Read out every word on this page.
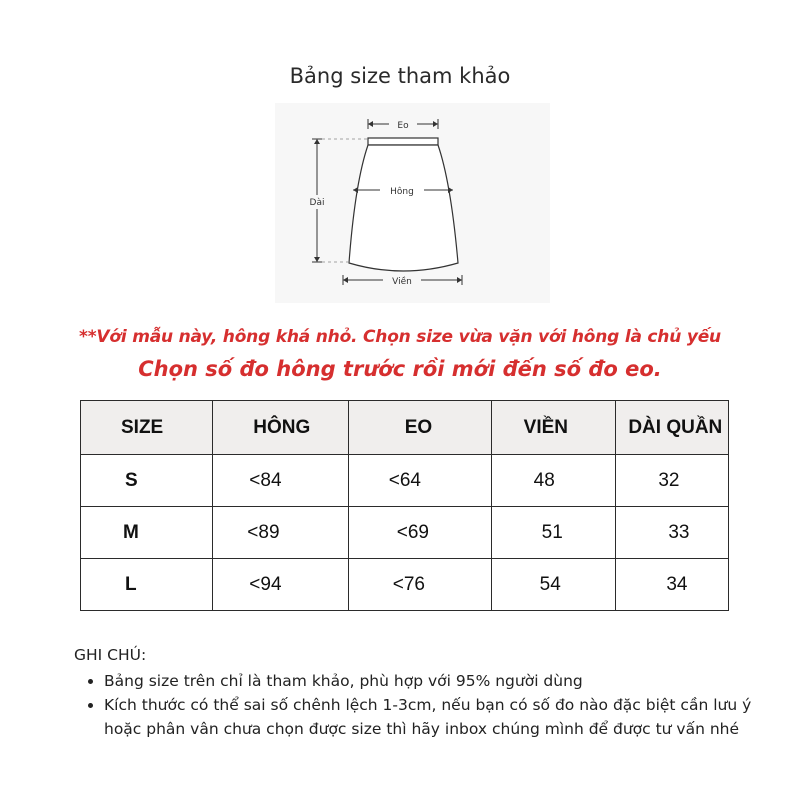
Bảng size tham khảo
Eo
Hông
Dài
Viền
**Với mẫu này, hông khá nhỏ. Chọn size vừa vặn với hông là chủ yếu
Chọn số đo hông trước rồi mới đến số đo eo.
SIZE	HÔNG	EO	VIỀN	DÀI QUẦN
S	<84	<64	48	32
M	<89	<69	51	33
L	<94	<76	54	34
GHI CHÚ:
• Bảng size trên chỉ là tham khảo, phù hợp với 95% người dùng
• Kích thước có thể sai số chênh lệch 1-3cm, nếu bạn có số đo nào đặc biệt cần lưu ý hoặc phân vân chưa chọn được size thì hãy inbox chúng mình để được tư vấn nhé
